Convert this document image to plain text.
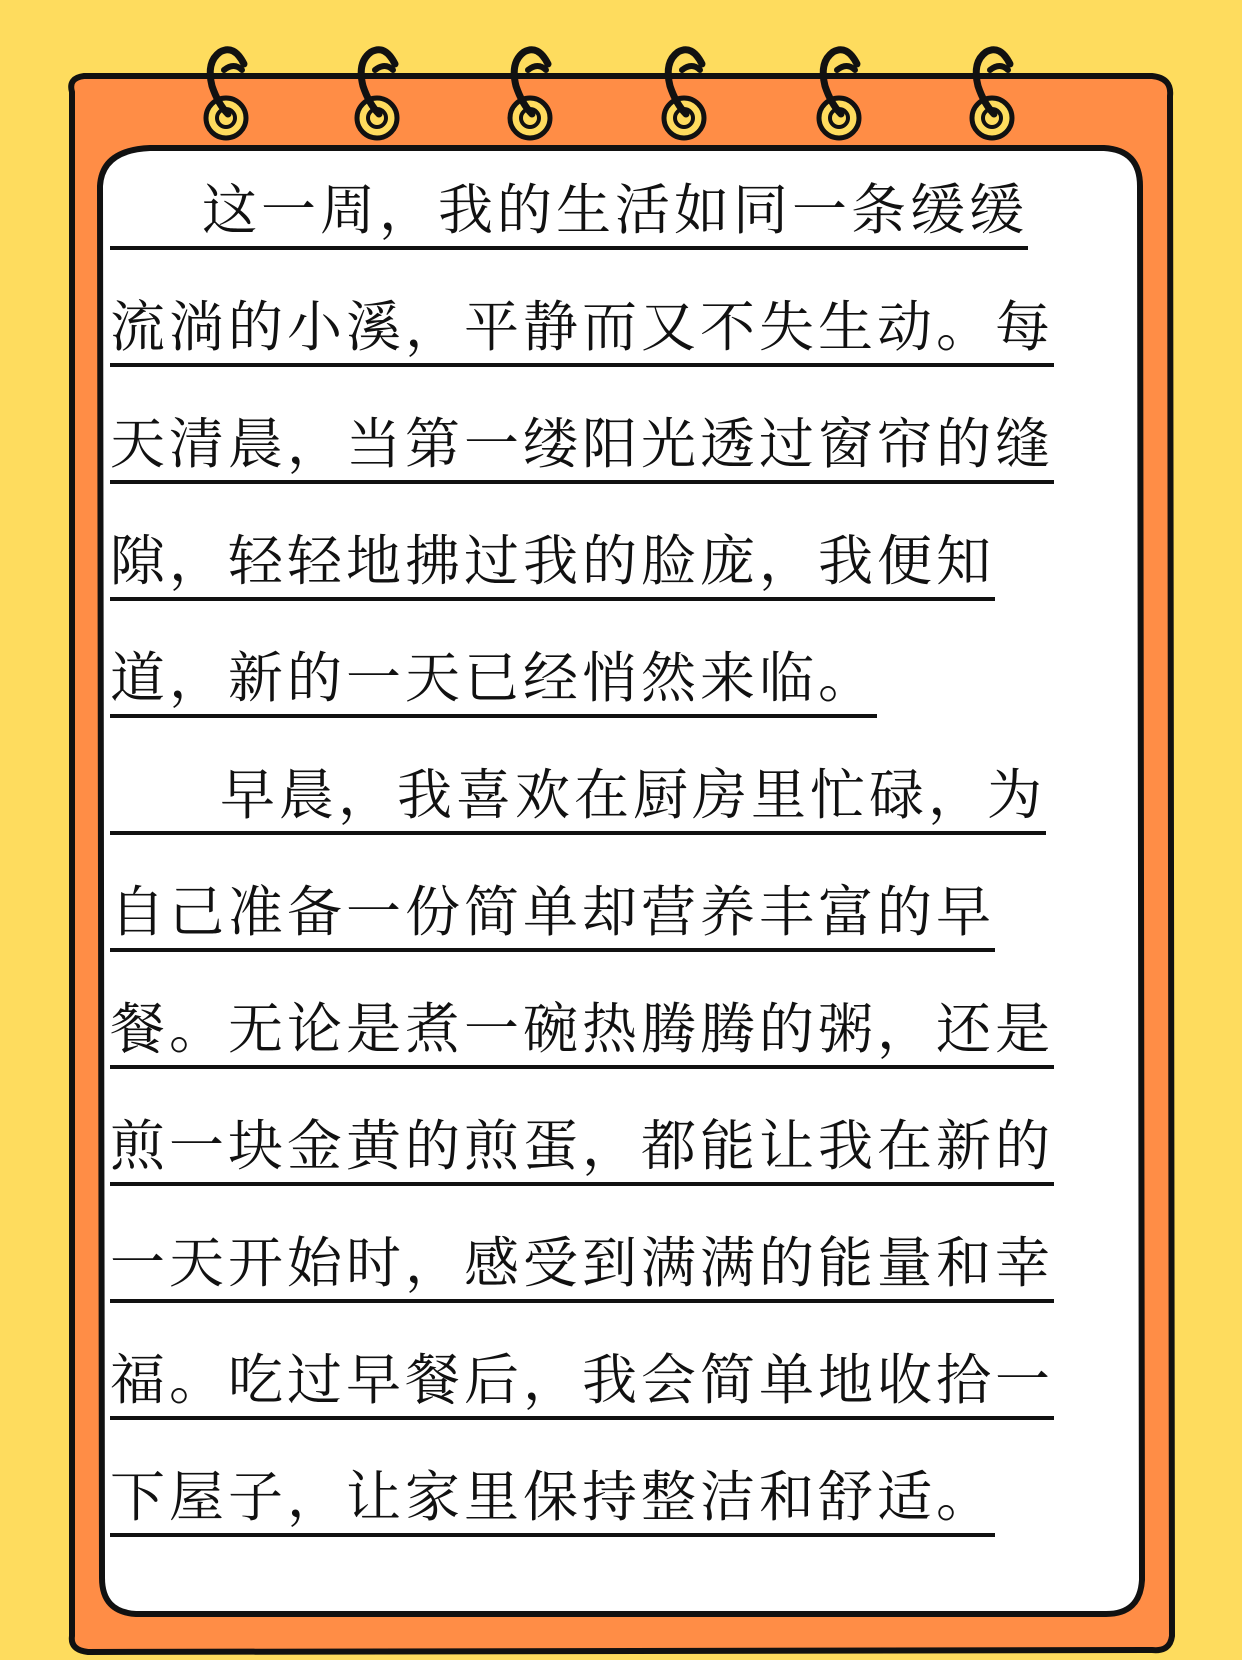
这一周，我的生活如同一条缓缓
流淌的小溪，平静而又不失生动。每
天清晨，当第一缕阳光透过窗帘的缝
隙，轻轻地拂过我的脸庞，我便知
道，新的一天已经悄然来临。
早晨，我喜欢在厨房里忙碌，为
自己准备一份简单却营养丰富的早
餐。无论是煮一碗热腾腾的粥，还是
煎一块金黄的煎蛋，都能让我在新的
一天开始时，感受到满满的能量和幸
福。吃过早餐后，我会简单地收拾一
下屋子，让家里保持整洁和舒适。
